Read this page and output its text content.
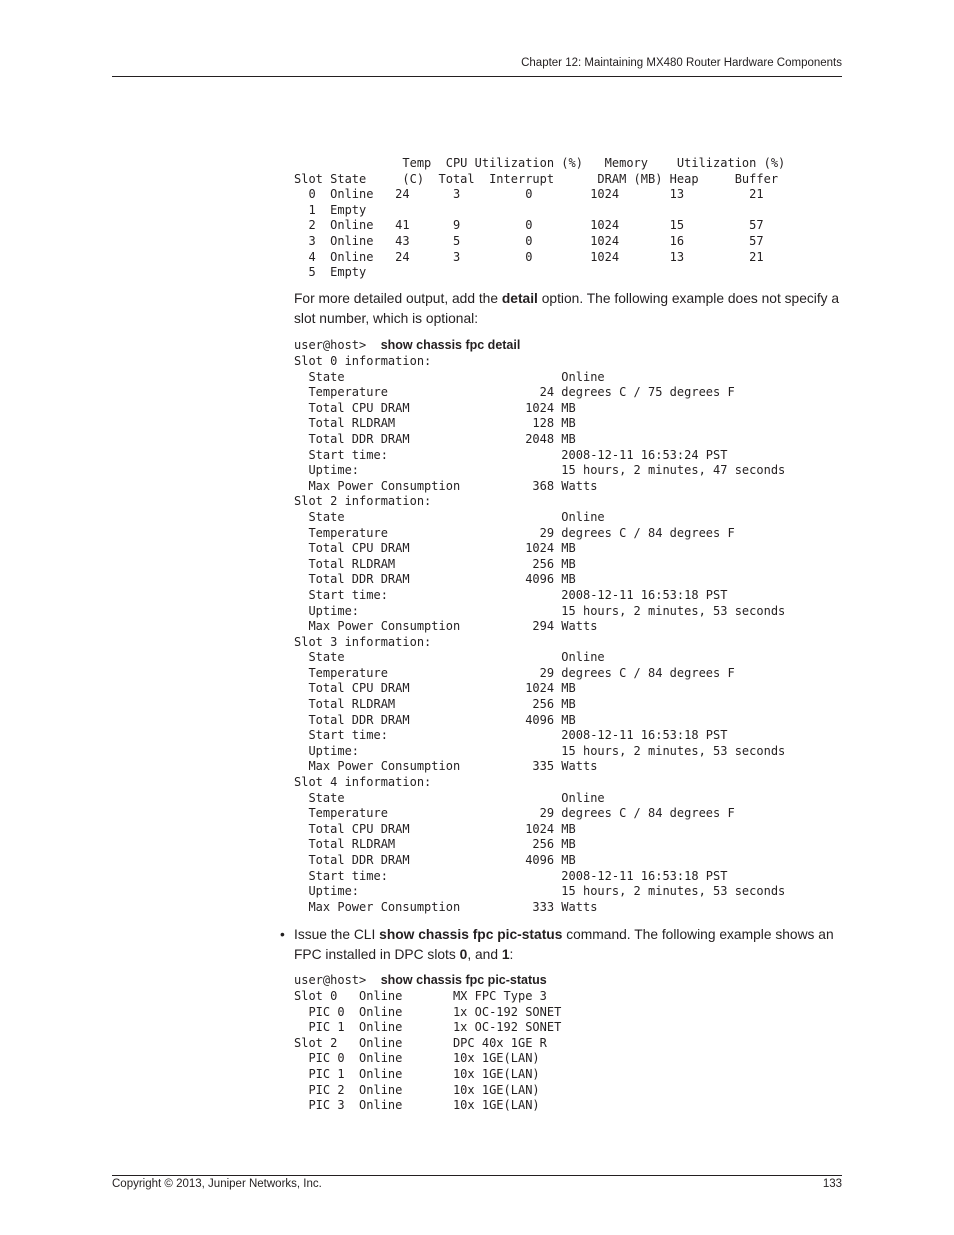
Chapter 12: Maintaining MX480 Router Hardware Components
Temp  CPU Utilization (%)   Memory    Utilization (%)
Slot State     (C)  Total  Interrupt      DRAM (MB) Heap     Buffer
0  Online   24      3         0        1024       13         21
1  Empty
2  Online   41      9         0        1024       15         57
3  Online   43      5         0        1024       16         57
4  Online   24      3         0        1024       13         21
5  Empty
For more detailed output, add the detail option. The following example does not specify a slot number, which is optional:
user@host>  show chassis fpc detail
Slot 0 information:
State                              Online
Temperature                     24 degrees C / 75 degrees F
Total CPU DRAM                1024 MB
Total RLDRAM                   128 MB
Total DDR DRAM                2048 MB
Start time:                        2008-12-11 16:53:24 PST
Uptime:                            15 hours, 2 minutes, 47 seconds
Max Power Consumption          368 Watts
Slot 2 information:
State                              Online
Temperature                     29 degrees C / 84 degrees F
Total CPU DRAM                1024 MB
Total RLDRAM                   256 MB
Total DDR DRAM                4096 MB
Start time:                        2008-12-11 16:53:18 PST
Uptime:                            15 hours, 2 minutes, 53 seconds
Max Power Consumption          294 Watts
Slot 3 information:
State                              Online
Temperature                     29 degrees C / 84 degrees F
Total CPU DRAM                1024 MB
Total RLDRAM                   256 MB
Total DDR DRAM                4096 MB
Start time:                        2008-12-11 16:53:18 PST
Uptime:                            15 hours, 2 minutes, 53 seconds
Max Power Consumption          335 Watts
Slot 4 information:
State                              Online
Temperature                     29 degrees C / 84 degrees F
Total CPU DRAM                1024 MB
Total RLDRAM                   256 MB
Total DDR DRAM                4096 MB
Start time:                        2008-12-11 16:53:18 PST
Uptime:                            15 hours, 2 minutes, 53 seconds
Max Power Consumption          333 Watts
• Issue the CLI show chassis fpc pic-status command. The following example shows an FPC installed in DPC slots 0, and 1:
user@host>  show chassis fpc pic-status
Slot 0   Online       MX FPC Type 3
PIC 0  Online       1x OC-192 SONET
PIC 1  Online       1x OC-192 SONET
Slot 2   Online       DPC 40x 1GE R
PIC 0  Online       10x 1GE(LAN)
PIC 1  Online       10x 1GE(LAN)
PIC 2  Online       10x 1GE(LAN)
PIC 3  Online       10x 1GE(LAN)
Copyright © 2013, Juniper Networks, Inc.	133
